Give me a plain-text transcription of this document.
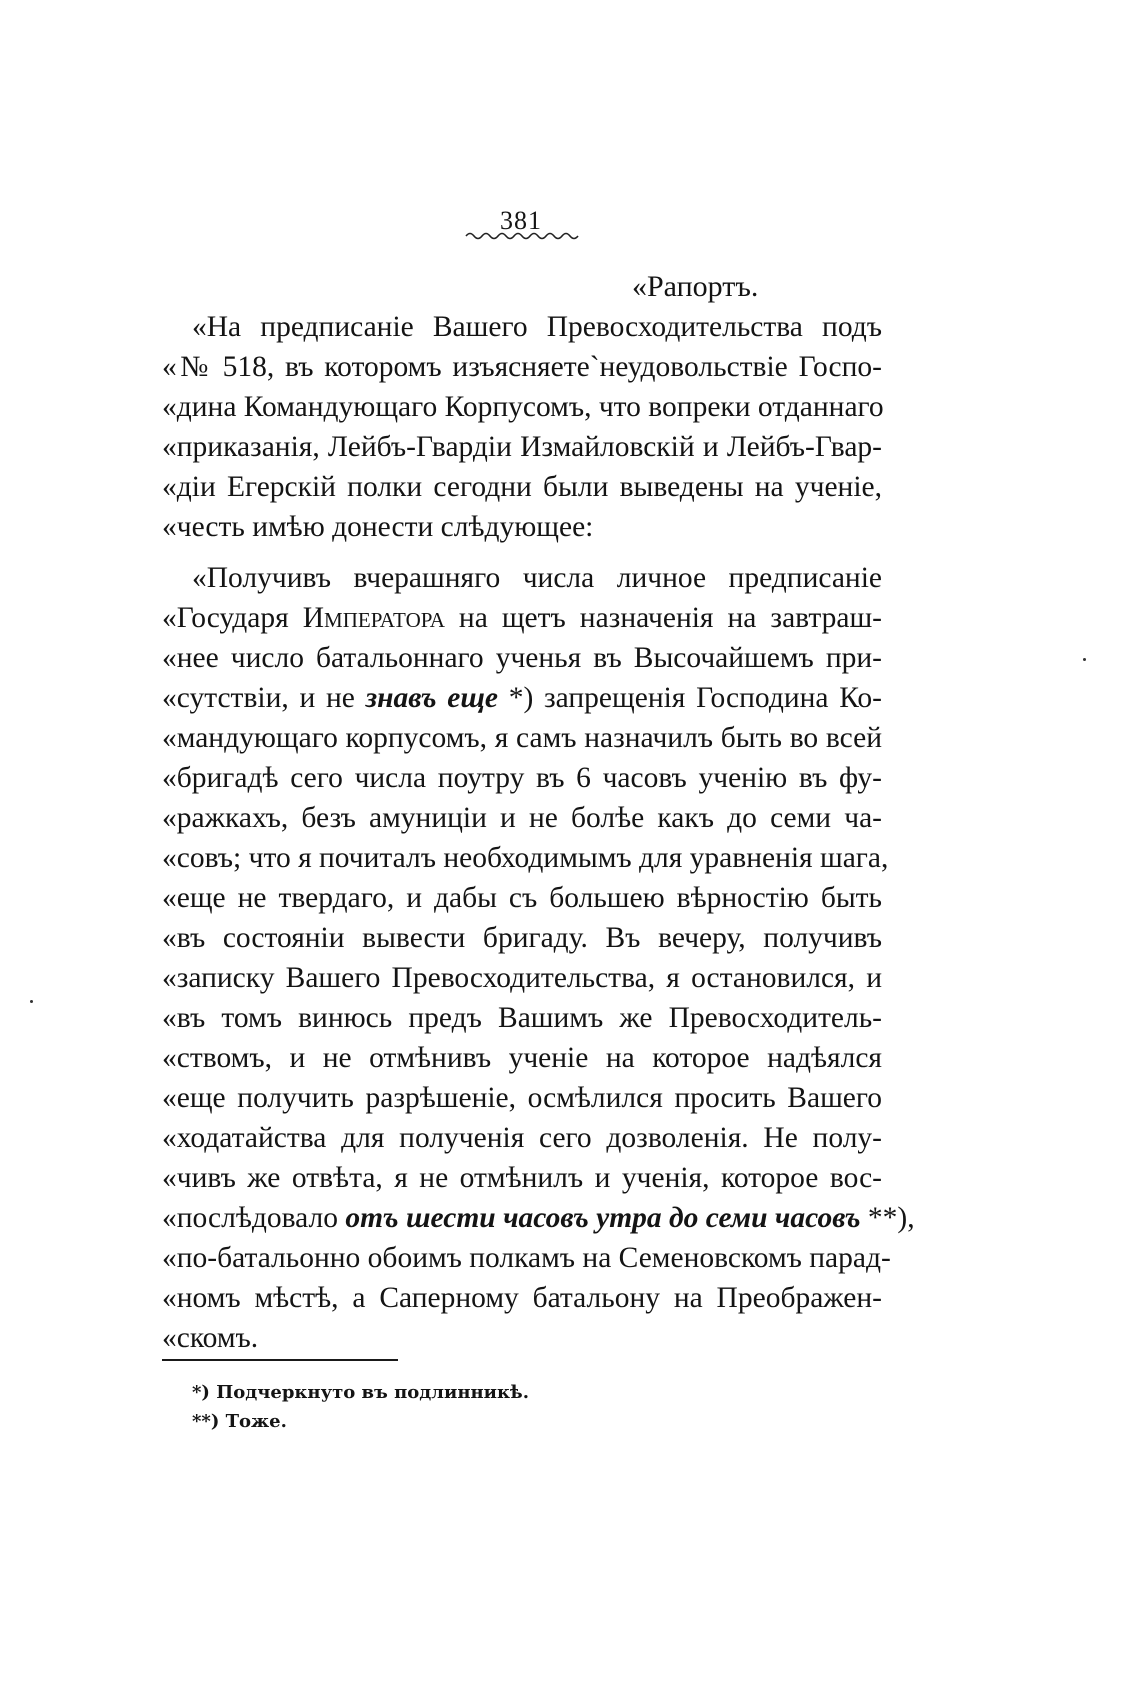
381
«Рапортъ.
«На предписаніе Вашего Превосходительства подъ
«№ 518, въ которомъ изъясняете`неудовольствіе Госпо-
«дина Командующаго Корпусомъ, что вопреки отданнаго
«приказанія, Лейбъ-Гвардіи Измайловскій и Лейбъ-Гвар-
«діи Егерскій полки сегодни были выведены на ученіе,
«честь имѣю донести слѣдующее:
«Получивъ вчерашняго числа личное предписаніе
«Государя Императора на щетъ назначенія на завтраш-
«нее число батальоннаго ученья въ Высочайшемъ при-
«сутствіи, и не знавъ еще *) запрещенія Господина Ко-
«мандующаго корпусомъ, я самъ назначилъ быть во всей
«бригадѣ сего числа поутру въ 6 часовъ ученію въ фу-
«ражкахъ, безъ амуниціи и не болѣе какъ до семи ча-
«совъ; что я почиталъ необходимымъ для уравненія шага,
«еще не твердаго, и дабы съ большею вѣрностію быть
«въ состояніи вывести бригаду. Въ вечеру, получивъ
«записку Вашего Превосходительства, я остановился, и
«въ томъ винюсь предъ Вашимъ же Превосходитель-
«ствомъ, и не отмѣнивъ ученіе на которое надѣялся
«еще получить разрѣшеніе, осмѣлился просить Вашего
«ходатайства для полученія сего дозволенія. Не полу-
«чивъ же отвѣта, я не отмѣнилъ и ученія, которое вос-
«послѣдовало отъ шести часовъ утра до семи часовъ **),
«по-батальонно обоимъ полкамъ на Семеновскомъ парад-
«номъ мѣстѣ, а Саперному батальону на Преображен-
«скомъ.
*) Подчеркнуто въ подлинникѣ.
**) Тоже.
